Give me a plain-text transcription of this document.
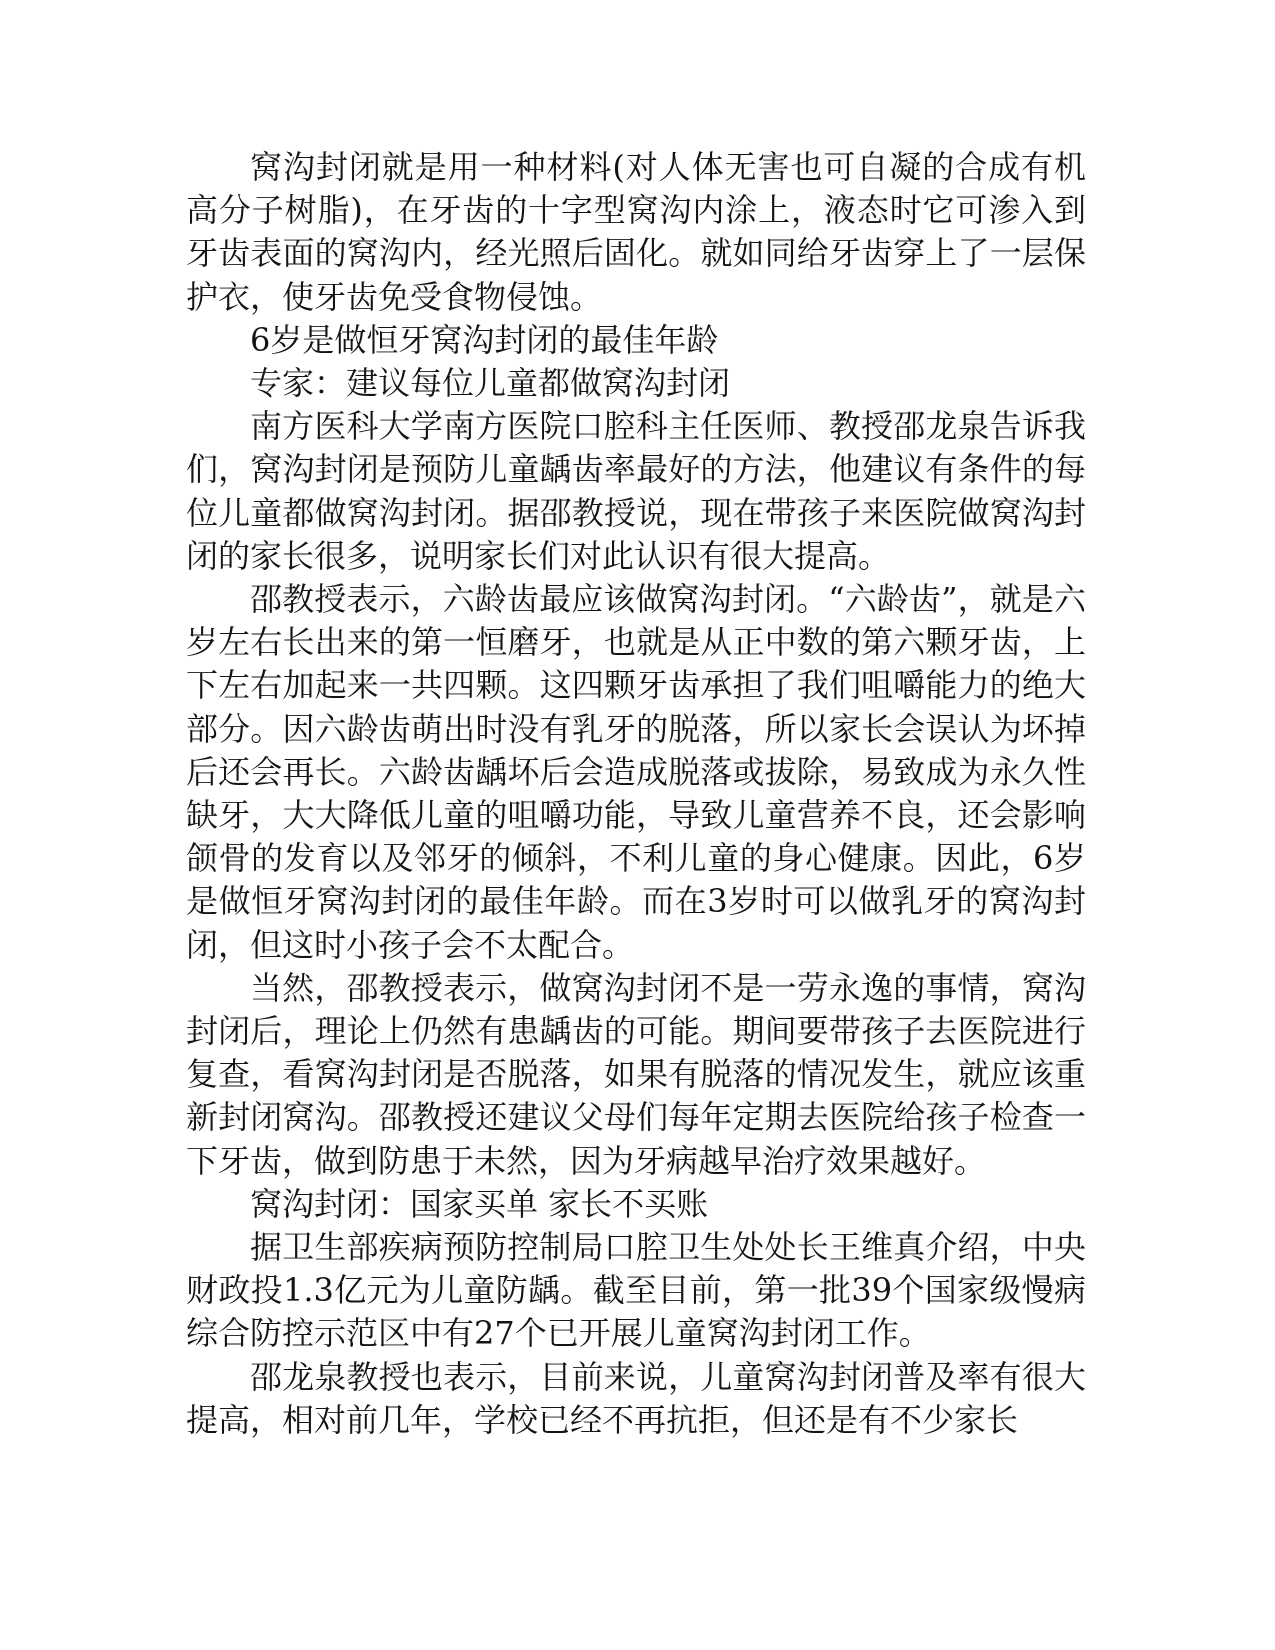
窝沟封闭就是用一种材料(对人体无害也可自凝的合成有机高分子树脂)，在牙齿的十字型窝沟内涂上，液态时它可渗入到牙齿表面的窝沟内，经光照后固化。就如同给牙齿穿上了一层保护衣，使牙齿免受食物侵蚀。

6岁是做恒牙窝沟封闭的最佳年龄

专家：建议每位儿童都做窝沟封闭

南方医科大学南方医院口腔科主任医师、教授邵龙泉告诉我们，窝沟封闭是预防儿童龋齿率最好的方法，他建议有条件的每位儿童都做窝沟封闭。据邵教授说，现在带孩子来医院做窝沟封闭的家长很多，说明家长们对此认识有很大提高。

邵教授表示，六龄齿最应该做窝沟封闭。“六龄齿”，就是六岁左右长出来的第一恒磨牙，也就是从正中数的第六颗牙齿，上下左右加起来一共四颗。这四颗牙齿承担了我们咀嚼能力的绝大部分。因六龄齿萌出时没有乳牙的脱落，所以家长会误认为坏掉后还会再长。六龄齿龋坏后会造成脱落或拔除，易致成为永久性缺牙，大大降低儿童的咀嚼功能，导致儿童营养不良，还会影响颌骨的发育以及邻牙的倾斜，不利儿童的身心健康。因此，6岁是做恒牙窝沟封闭的最佳年龄。而在3岁时可以做乳牙的窝沟封闭，但这时小孩子会不太配合。

当然，邵教授表示，做窝沟封闭不是一劳永逸的事情，窝沟封闭后，理论上仍然有患龋齿的可能。期间要带孩子去医院进行复查，看窝沟封闭是否脱落，如果有脱落的情况发生，就应该重新封闭窝沟。邵教授还建议父母们每年定期去医院给孩子检查一下牙齿，做到防患于未然，因为牙病越早治疗效果越好。

窝沟封闭：国家买单 家长不买账

据卫生部疾病预防控制局口腔卫生处处长王维真介绍，中央财政投1.3亿元为儿童防龋。截至目前，第一批39个国家级慢病综合防控示范区中有27个已开展儿童窝沟封闭工作。

邵龙泉教授也表示，目前来说，儿童窝沟封闭普及率有很大提高，相对前几年，学校已经不再抗拒，但还是有不少家长
